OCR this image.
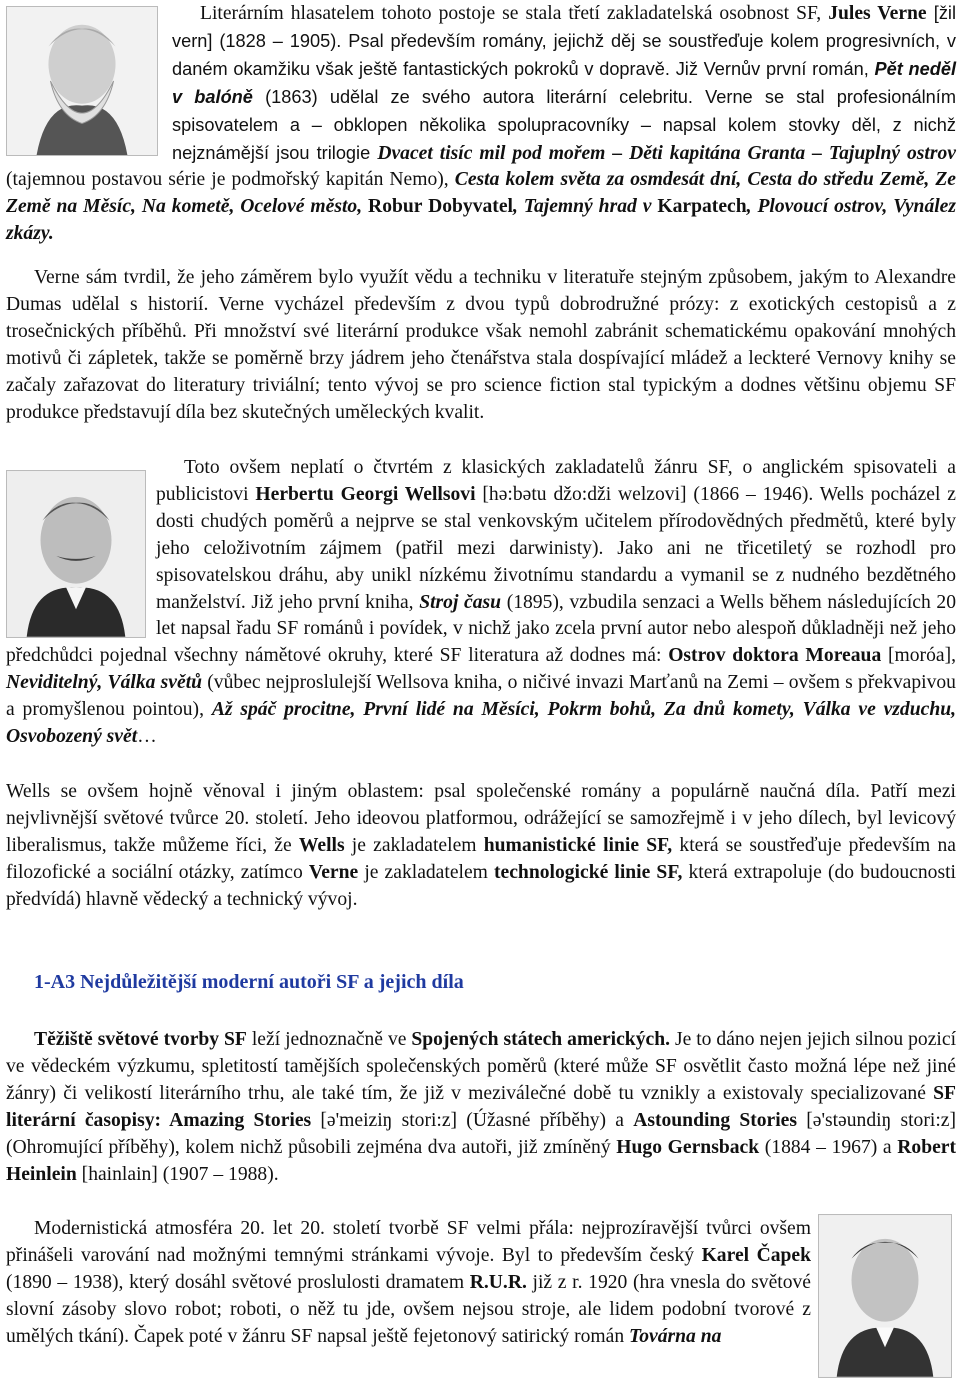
Literárním hlasatelem tohoto postoje se stala třetí zakladatelská osobnost SF, Jules Verne [žil vern] (1828 – 1905). Psal především romány, jejichž děj se soustřeďuje kolem progresivních, v daném okamžiku však ještě fantastických pokroků v dopravě. Již Vernův první román, Pět neděl v balóně (1863) udělal ze svého autora literární celebritu. Verne se stal profesionálním spisovatelem a – obklopen několika spolupracovníky – napsal kolem stovky děl, z nichž nejznámější jsou trilogie Dvacet tisíc mil pod mořem – Děti kapitána Granta – Tajuplný ostrov (tajemnou postavou série je podmořský kapitán Nemo), Cesta kolem světa za osmdesát dní, Cesta do středu Země, Ze Země na Měsíc, Na kometě, Ocelové město, Robur Dobyvatel, Tajemný hrad v Karpatech, Plovoucí ostrov, Vynález zkázy.

Verne sám tvrdil, že jeho záměrem bylo využít vědu a techniku v literatuře stejným způsobem, jakým to Alexandre Dumas udělal s historií. Verne vycházel především z dvou typů dobrodružné prózy: z exotických cestopisů a z trosečnických příběhů. Při množství své literární produkce však nemohl zabránit schematickému opakování mnohých motivů či zápletek, takže se poměrně brzy jádrem jeho čtenářstva stala dospívající mládež a leckteré Vernovy knihy se začaly zařazovat do literatury triviální; tento vývoj se pro science fiction stal typickým a dodnes většinu objemu SF produkce představují díla bez skutečných uměleckých kvalit.

Toto ovšem neplatí o čtvrtém z klasických zakladatelů žánru SF, o anglickém spisovateli a publicistovi Herbertu Georgi Wellsovi [hə:bətu džo:dži welzovi] (1866 – 1946). Wells pocházel z dosti chudých poměrů a nejprve se stal venkovským učitelem přírodovědných předmětů, které byly jeho celoživotním zájmem (patřil mezi darwinisty). Jako ani ne třicetiletý se rozhodl pro spisovatelskou dráhu, aby unikl nízkému životnímu standardu a vymanil se z nudného bezdětného manželství. Již jeho první kniha, Stroj času (1895), vzbudila senzaci a Wells během následujících 20 let napsal řadu SF románů i povídek, v nichž jako zcela první autor nebo alespoň důkladněji než jeho předchůdci pojednal všechny námětové okruhy, které SF literatura až dodnes má: Ostrov doktora Moreaua [moróa], Neviditelný, Válka světů (vůbec nejproslulejší Wellsova kniha, o ničivé invazi Marťanů na Zemi – ovšem s překvapivou a promyšlenou pointou), Až spáč procitne, První lidé na Měsíci, Pokrm bohů, Za dnů komety, Válka ve vzduchu, Osvobozený svět…

Wells se ovšem hojně věnoval i jiným oblastem: psal společenské romány a populárně naučná díla. Patří mezi nejvlivnější světové tvůrce 20. století. Jeho ideovou platformou, odrážející se samozřejmě i v jeho dílech, byl levicový liberalismus, takže můžeme říci, že Wells je zakladatelem humanistické linie SF, která se soustřeďuje především na filozofické a sociální otázky, zatímco Verne je zakladatelem technologické linie SF, která extrapoluje (do budoucnosti předvídá) hlavně vědecký a technický vývoj.

1-A3 Nejdůležitější moderní autoři SF a jejich díla

Těžiště světové tvorby SF leží jednoznačně ve Spojených státech amerických. Je to dáno nejen jejich silnou pozicí ve vědeckém výzkumu, spletitostí tamějších společenských poměrů (které může SF osvětlit často možná lépe než jiné žánry) či velikostí literárního trhu, ale také tím, že již v meziválečné době tu vznikly a existovaly specializované SF literární časopisy: Amazing Stories [ə'meiziŋ stori:z] (Úžasné příběhy) a Astounding Stories [ə'stəundiŋ stori:z] (Ohromující příběhy), kolem nichž působili zejména dva autoři, již zmíněný Hugo Gernsback (1884 – 1967) a Robert Heinlein [hainlain] (1907 – 1988).

Modernistická atmosféra 20. let 20. století tvorbě SF velmi přála: nejprozíravější tvůrci ovšem přinášeli varování nad možnými temnými stránkami vývoje. Byl to především český Karel Čapek (1890 – 1938), který dosáhl světové proslulosti dramatem R.U.R. již z r. 1920 (hra vnesla do světové slovní zásoby slovo robot; roboti, o něž tu jde, ovšem nejsou stroje, ale lidem podobní tvorové z umělých tkání). Čapek poté v žánru SF napsal ještě fejetonový satirický román Továrna na
